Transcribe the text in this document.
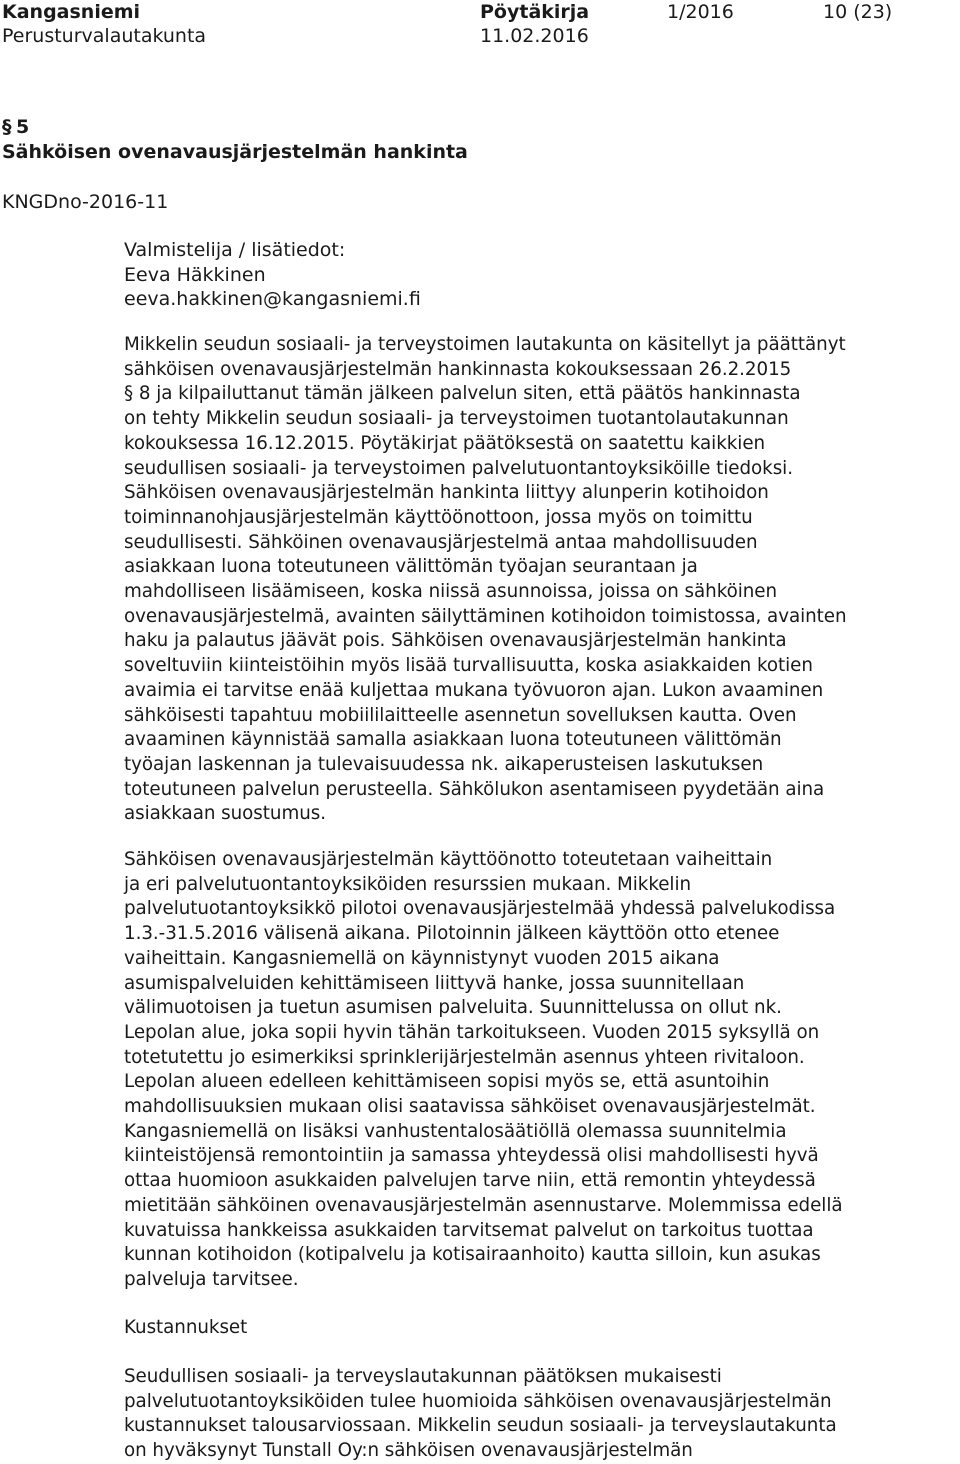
Kangasniemi	Pöytäkirja	1/2016	10 (23)
Perusturvalautakunta	11.02.2016
§ 5
Sähköisen ovenavausjärjestelmän hankinta
KNGDno-2016-11
Valmistelija / lisätiedot:
Eeva Häkkinen
eeva.hakkinen@kangasniemi.fi
Mikkelin seudun sosiaali- ja terveystoimen lautakunta on käsitellyt ja päättänyt
sähköisen ovenavausjärjestelmän hankinnasta kokouksessaan 26.2.2015
§ 8 ja kilpailuttanut tämän jälkeen palvelun siten, että päätös hankinnasta
on tehty Mikkelin seudun sosiaali- ja terveystoimen tuotantolautakunnan
kokouksessa 16.12.2015. Pöytäkirjat päätöksestä on saatettu kaikkien
seudullisen sosiaali- ja terveystoimen palvelutuontantoyksiköille tiedoksi.
Sähköisen ovenavausjärjestelmän hankinta liittyy alunperin kotihoidon
toiminnanohjausjärjestelmän käyttöönottoon, jossa myös on toimittu
seudullisesti. Sähköinen ovenavausjärjestelmä antaa mahdollisuuden
asiakkaan luona toteutuneen välittömän työajan seurantaan ja
mahdolliseen lisäämiseen, koska niissä asunnoissa, joissa on sähköinen
ovenavausjärjestelmä, avainten säilyttäminen kotihoidon toimistossa, avainten
haku ja palautus jäävät pois. Sähköisen ovenavausjärjestelmän hankinta
soveltuviin kiinteistöihin myös lisää turvallisuutta, koska asiakkaiden kotien
avaimia ei tarvitse enää kuljettaa mukana työvuoron ajan. Lukon avaaminen
sähköisesti tapahtuu mobiililaitteelle asennetun sovelluksen kautta. Oven
avaaminen käynnistää samalla asiakkaan luona toteutuneen välittömän
työajan laskennan ja tulevaisuudessa nk. aikaperusteisen laskutuksen
toteutuneen palvelun perusteella. Sähkölukon asentamiseen pyydetään aina
asiakkaan suostumus.
Sähköisen ovenavausjärjestelmän käyttöönotto toteutetaan vaiheittain
ja eri palvelutuontantoyksiköiden resurssien mukaan. Mikkelin
palvelutuotantoyksikkö pilotoi ovenavausjärjestelmää yhdessä palvelukodissa
1.3.-31.5.2016 välisenä aikana. Pilotoinnin jälkeen käyttöön otto etenee
vaiheittain. Kangasniemellä on käynnistynyt vuoden 2015 aikana
asumispalveluiden kehittämiseen liittyvä hanke, jossa suunnitellaan
välimuotoisen ja tuetun asumisen palveluita. Suunnittelussa on ollut nk.
Lepolan alue, joka sopii hyvin tähän tarkoitukseen. Vuoden 2015 syksyllä on
totetutettu jo esimerkiksi sprinklerijärjestelmän asennus yhteen rivitaloon.
Lepolan alueen edelleen kehittämiseen sopisi myös se, että asuntoihin
mahdollisuuksien mukaan olisi saatavissa sähköiset ovenavausjärjestelmät.
Kangasniemellä on lisäksi vanhustentalosäätiöllä olemassa suunnitelmia
kiinteistöjensä remontointiin ja samassa yhteydessä olisi mahdollisesti hyvä
ottaa huomioon asukkaiden palvelujen tarve niin, että remontin yhteydessä
mietitään sähköinen ovenavausjärjestelmän asennustarve. Molemmissa edellä
kuvatuissa hankkeissa asukkaiden tarvitsemat palvelut on tarkoitus tuottaa
kunnan kotihoidon (kotipalvelu ja kotisairaanhoito) kautta silloin, kun asukas
palveluja tarvitsee.
Kustannukset
Seudullisen sosiaali- ja terveyslautakunnan päätöksen mukaisesti
palvelutuotantoyksiköiden tulee huomioida sähköisen ovenavausjärjestelmän
kustannukset talousarviossaan. Mikkelin seudun sosiaali- ja terveyslautakunta
on hyväksynyt Tunstall Oy:n sähköisen ovenavausjärjestelmän
